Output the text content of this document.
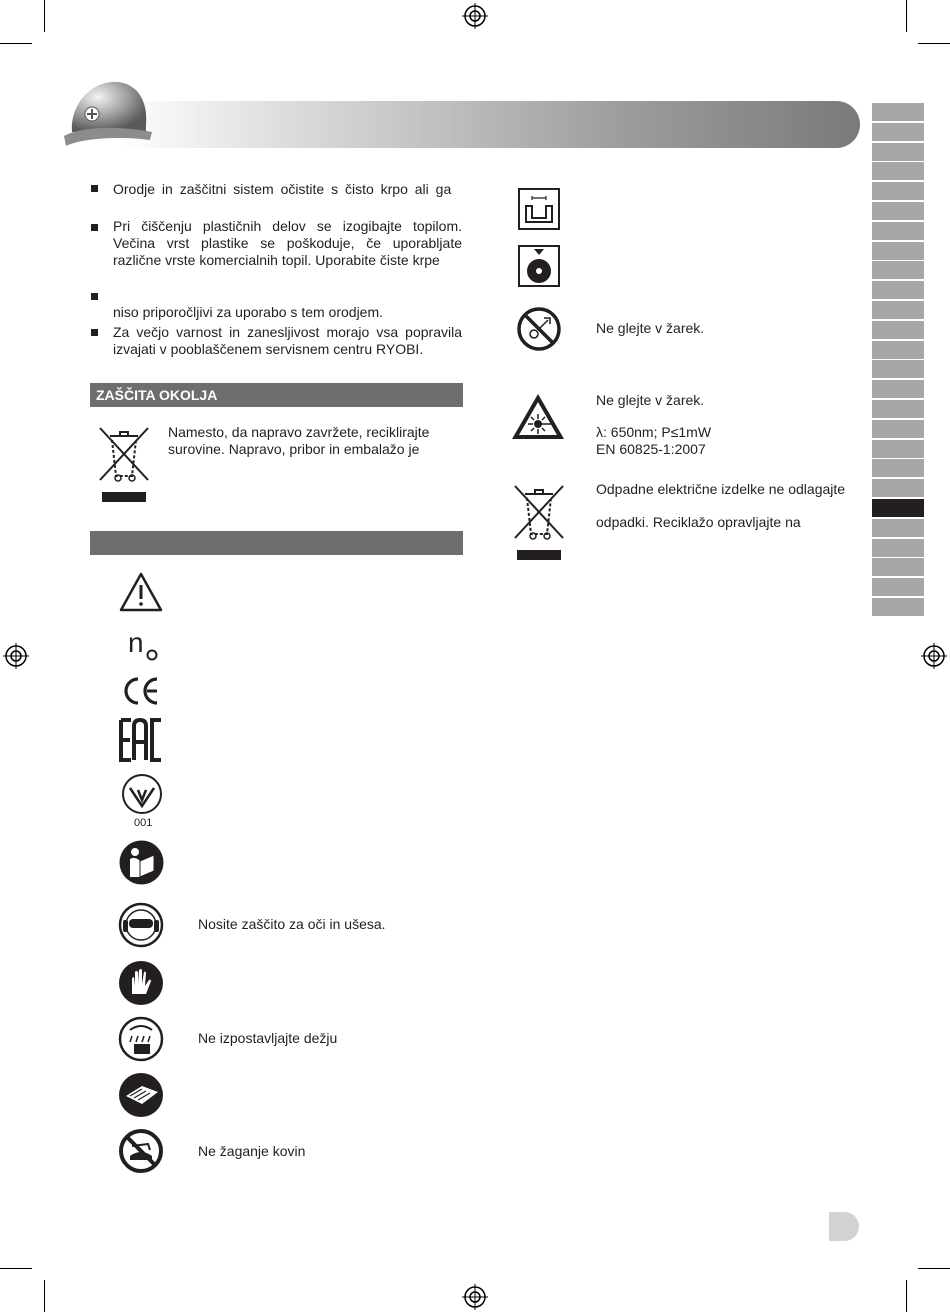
Orodje in zaščitni sistem očistite s čisto krpo ali ga
Pri čiščenju plastičnih delov se izogibajte topilom. Večina vrst plastike se poškoduje, če uporabljate različne vrste komercialnih topil. Uporabite čiste krpe
niso priporočljivi za uporabo s tem orodjem.
Za večjo varnost in zanesljivost morajo vsa popravila izvajati v pooblaščenem servisnem centru RYOBI.
ZAŠČITA OKOLJA
Namesto, da napravo zavržete, reciklirajte surovine. Napravo, pribor in embalažo je
n
001
Nosite zaščito za oči in ušesa.
Ne izpostavljajte dežju
Ne žaganje kovin
Ne glejte v žarek.
Ne glejte v žarek.
λ: 650nm; P≤1mW
EN 60825-1:2007
Odpadne električne izdelke ne odlagajte
odpadki. Reciklažo opravljajte na
